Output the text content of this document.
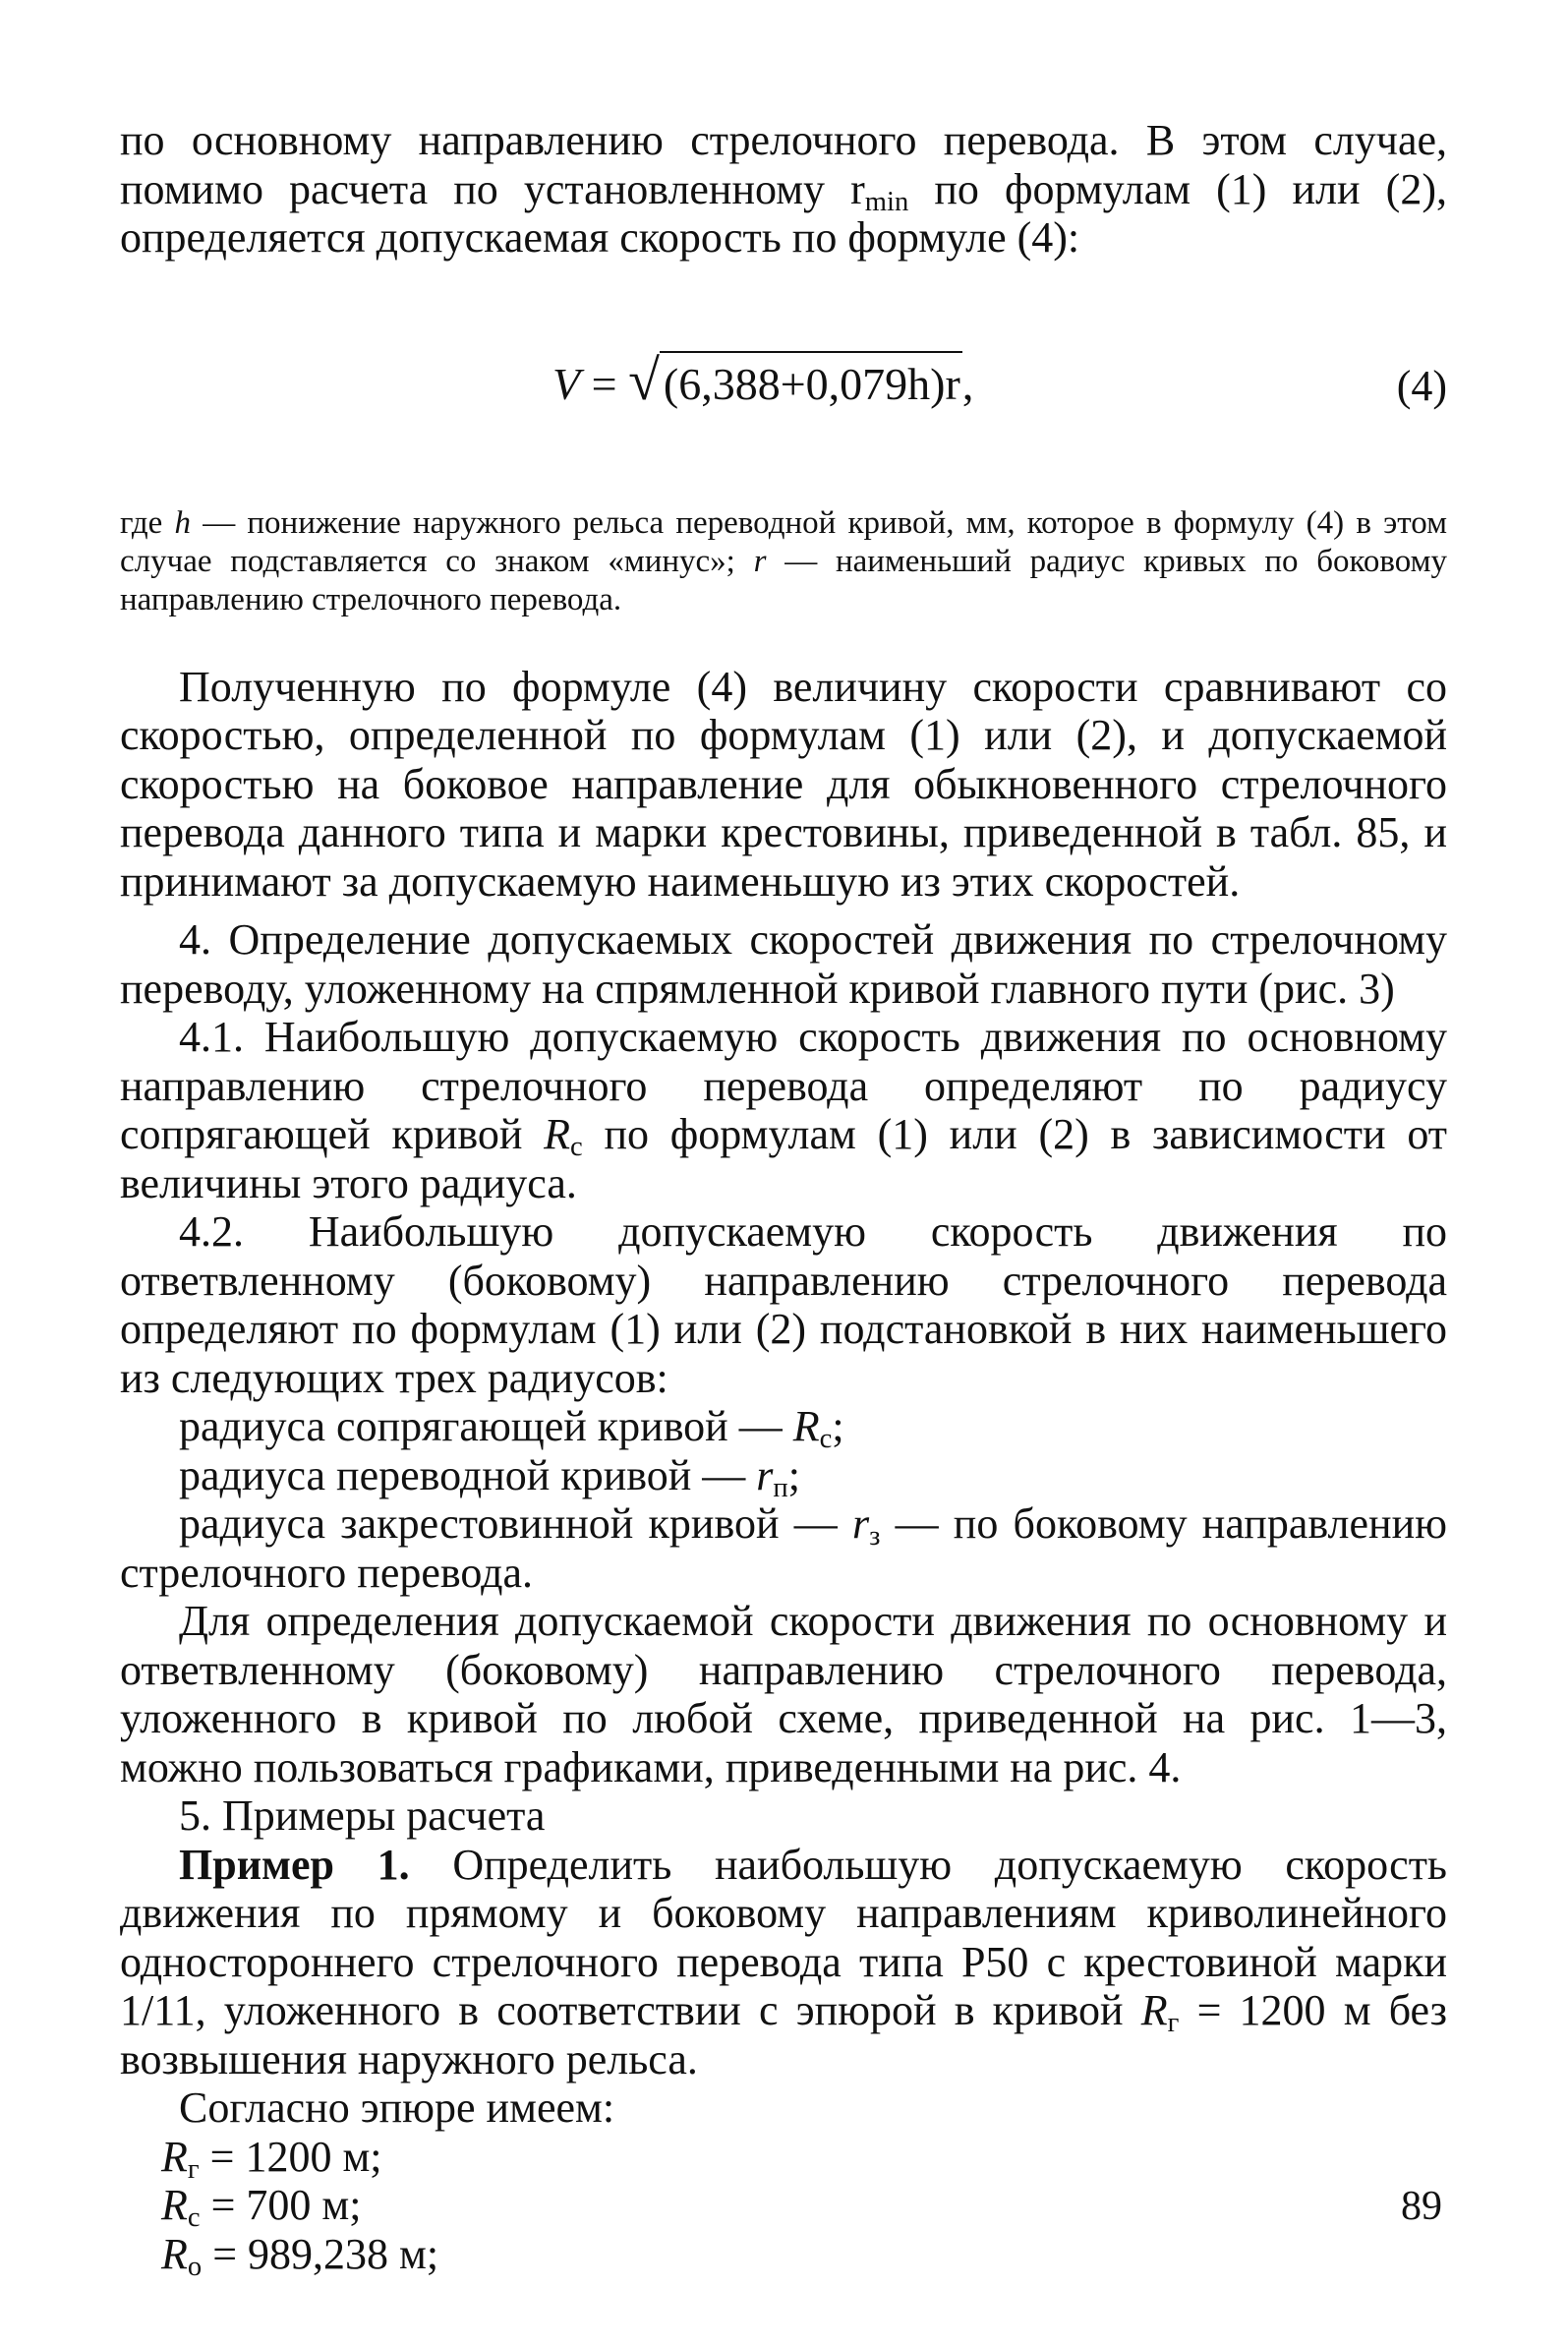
по основному направлению стрелочного перевода. В этом случае, помимо расчета по установленному $r_{min}$ по формулам (1) или (2), определяется допускаемая скорость по формуле (4):

V = √(6,388+0,079h)r,	(4)

где h — понижение наружного рельса переводной кривой, мм, которое в формулу (4) в этом случае подставляется со знаком «минус»; r — наименьший радиус кривых по боковому направлению стрелочного перевода.

Полученную по формуле (4) величину скорости сравнивают со скоростью, определенной по формулам (1) или (2), и допускаемой скоростью на боковое направление для обыкновенного стрелочного перевода данного типа и марки крестовины, приведенной в табл. 85, и принимают за допускаемую наименьшую из этих скоростей.

4. Определение допускаемых скоростей движения по стрелочному переводу, уложенному на спрямленной кривой главного пути (рис. 3)

4.1. Наибольшую допускаемую скорость движения по основному направлению стрелочного перевода определяют по радиусу сопрягающей кривой $R_c$ по формулам (1) или (2) в зависимости от величины этого радиуса.

4.2. Наибольшую допускаемую скорость движения по ответвленному (боковому) направлению стрелочного перевода определяют по формулам (1) или (2) подстановкой в них наименьшего из следующих трех радиусов:

радиуса сопрягающей кривой — $R_c$;

радиуса переводной кривой — $r_п$;

радиуса закрестовинной кривой — $r_з$ — по боковому направлению стрелочного перевода.

Для определения допускаемой скорости движения по основному и ответвленному (боковому) направлению стрелочного перевода, уложенного в кривой по любой схеме, приведенной на рис. 1—3, можно пользоваться графиками, приведенными на рис. 4.

5. Примеры расчета

Пример 1. Определить наибольшую допускаемую скорость движения по прямому и боковому направлениям криволинейного одностороннего стрелочного перевода типа Р50 с крестовиной марки 1/11, уложенного в соответствии с эпюрой в кривой $R_г = 1200$ м без возвышения наружного рельса.

Согласно эпюре имеем:

$R_г = 1200$ м;

$R_с = 700$ м;

$R_о = 989,238$ м;

89
